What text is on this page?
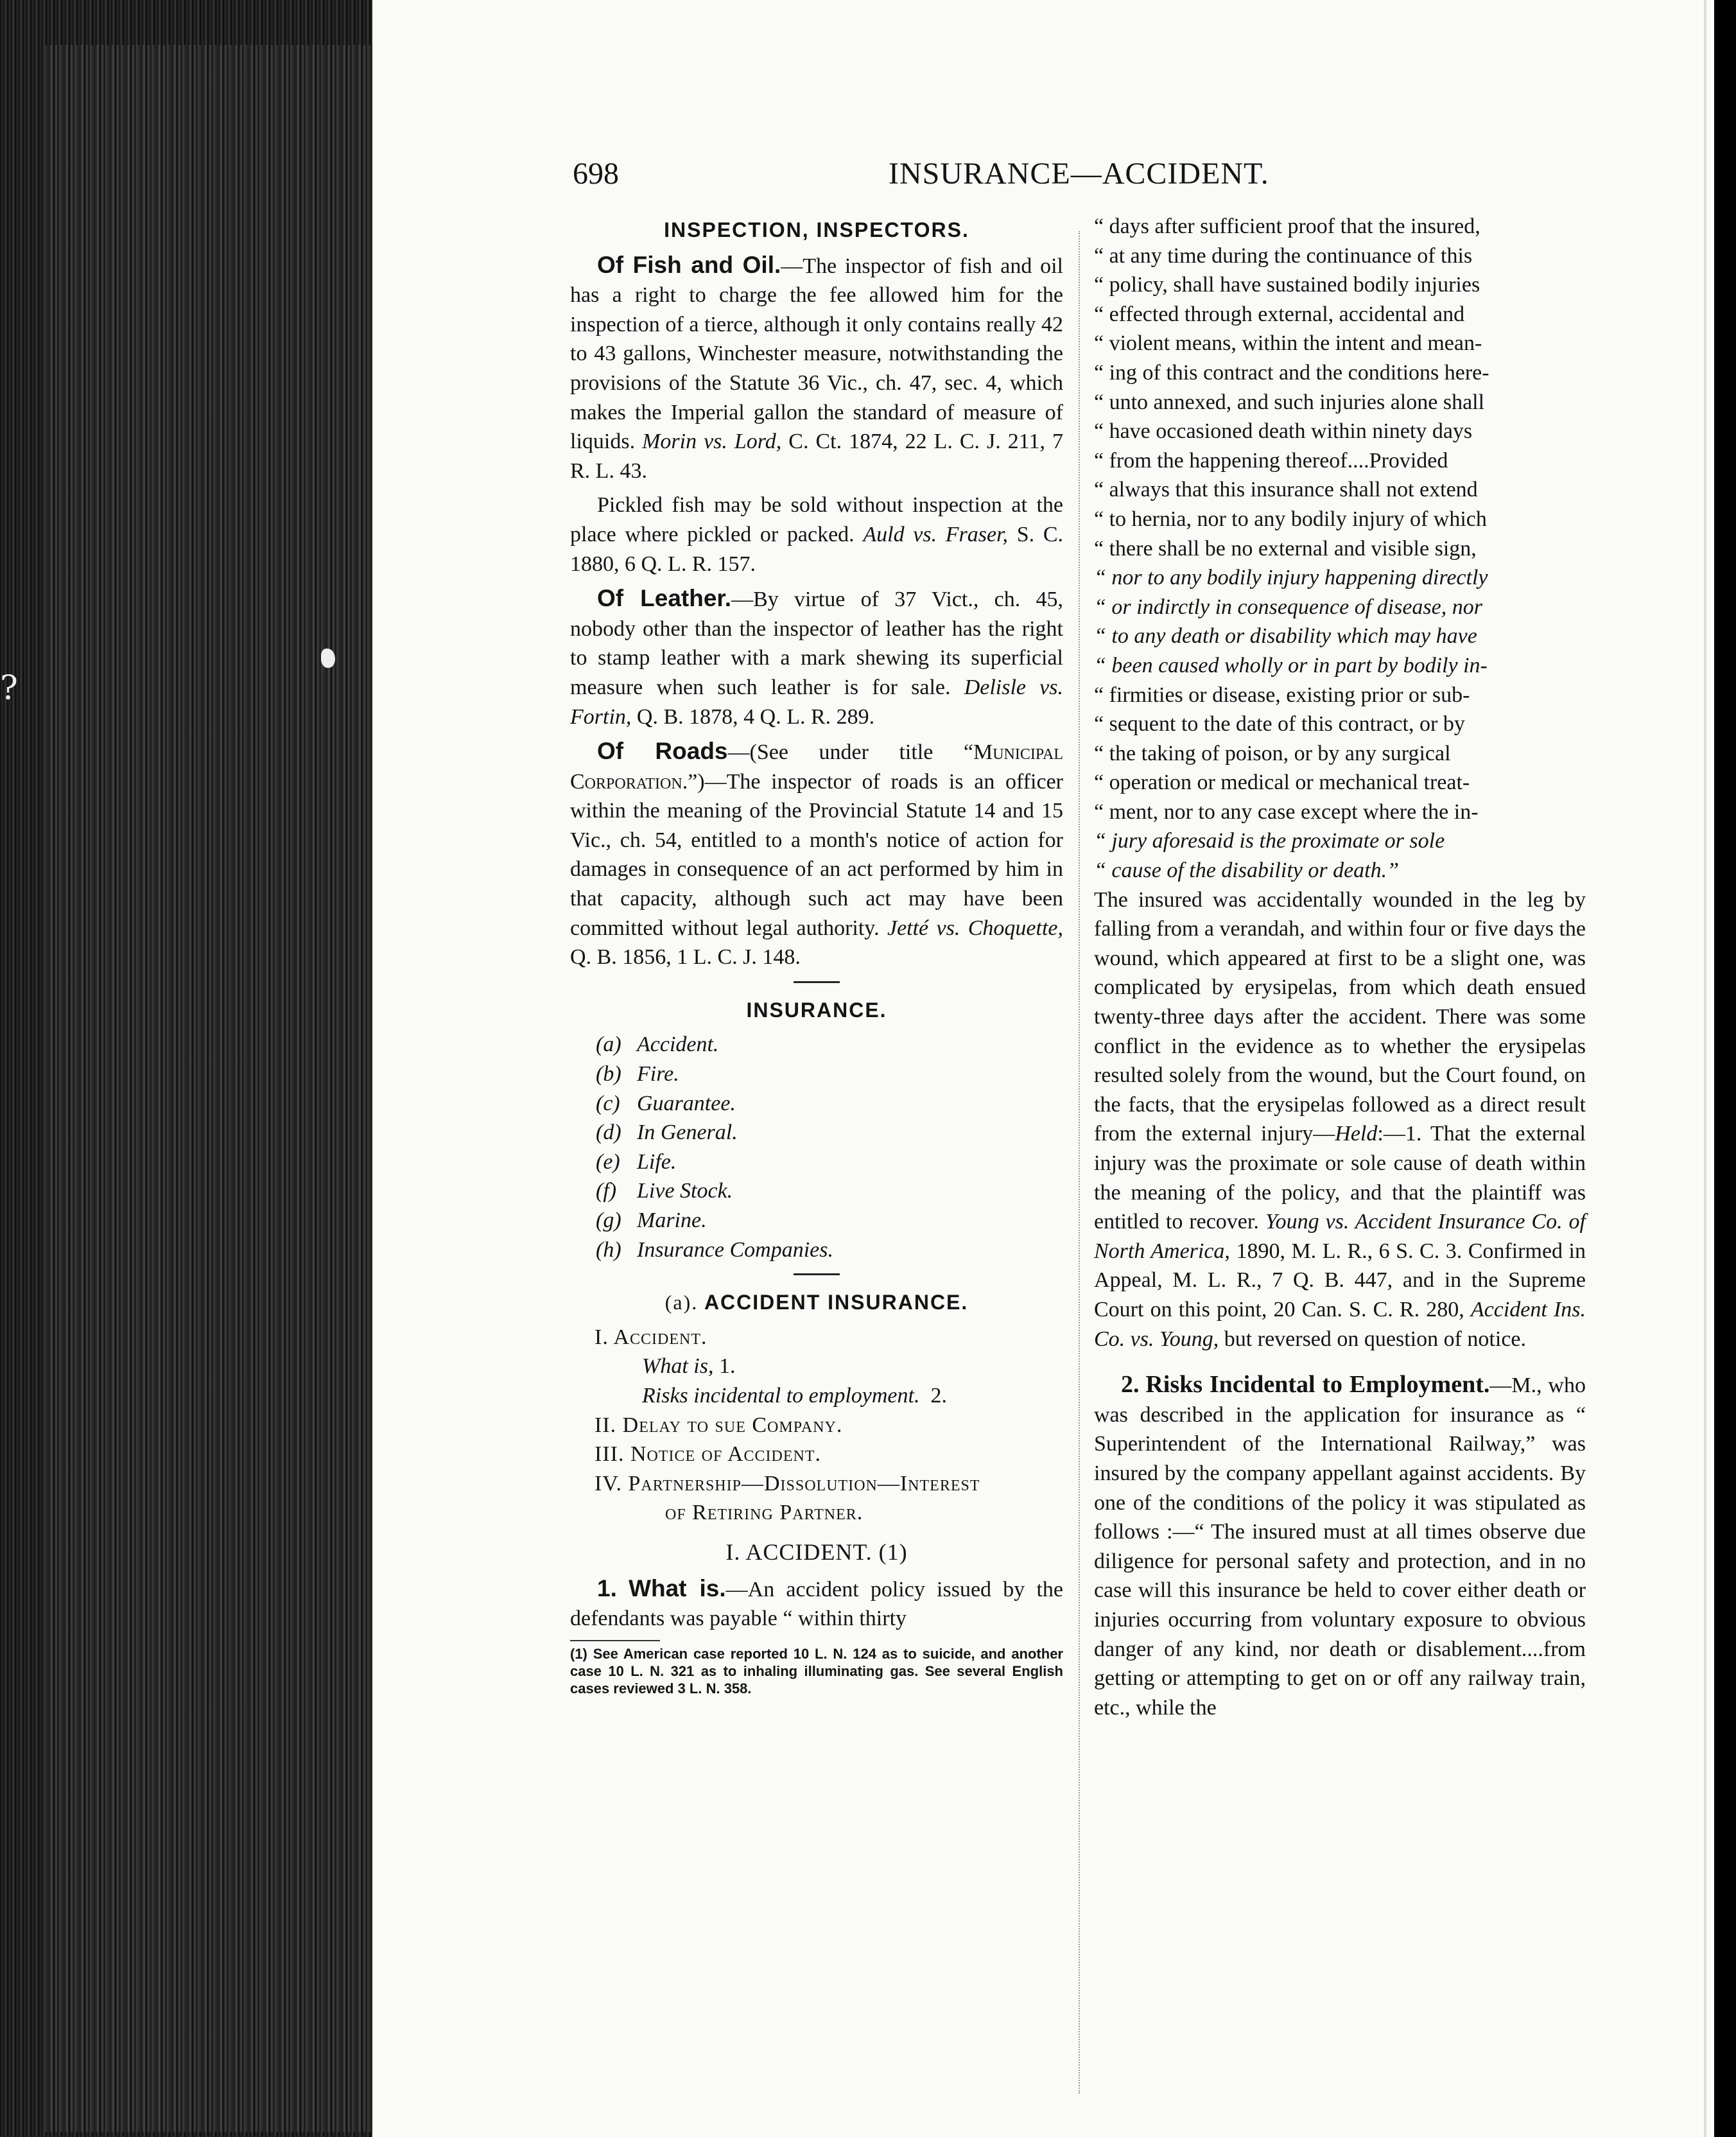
?
698	INSURANCE—ACCIDENT.
INSPECTION, INSPECTORS.

Of Fish and Oil.—The inspector of fish and oil has a right to charge the fee allowed him for the inspection of a tierce, although it only contains really 42 to 43 gallons, Winchester measure, notwithstanding the provisions of the Statute 36 Vic., ch. 47, sec. 4, which makes the Imperial gallon the standard of measure of liquids. Morin vs. Lord, C. Ct. 1874, 22 L. C. J. 211, 7 R. L. 43.

Pickled fish may be sold without inspection at the place where pickled or packed. Auld vs. Fraser, S. C. 1880, 6 Q. L. R. 157.

Of Leather.—By virtue of 37 Vict., ch. 45, nobody other than the inspector of leather has the right to stamp leather with a mark shewing its superficial measure when such leather is for sale. Delisle vs. Fortin, Q. B. 1878, 4 Q. L. R. 289.

Of Roads—(See under title “Municipal Corporation.”)—The inspector of roads is an officer within the meaning of the Provincial Statute 14 and 15 Vic., ch. 54, entitled to a month's notice of action for damages in consequence of an act performed by him in that capacity, although such act may have been committed without legal authority. Jetté vs. Choquette, Q. B. 1856, 1 L. C. J. 148.

INSURANCE.
(a) Accident.
(b) Fire.
(c) Guarantee.
(d) In General.
(e) Life.
(f) Live Stock.
(g) Marine.
(h) Insurance Companies.
(a). ACCIDENT INSURANCE.
I. Accident.
What is, 1.
Risks incidental to employment. 2.
II. Delay to sue Company.
III. Notice of Accident.
IV. Partnership—Dissolution—Interest
of Retiring Partner.
I. ACCIDENT. (1)

1. What is.—An accident policy issued by the defendants was payable “ within thirty

(1) See American case reported 10 L. N. 124 as to suicide, and another case 10 L. N. 321 as to inhaling illuminating gas. See several English cases reviewed 3 L. N. 358.

“ days after sufficient proof that the insured,
“ at any time during the continuance of this
“ policy, shall have sustained bodily injuries
“ effected through external, accidental and
“ violent means, within the intent and mean-
“ ing of this contract and the conditions here-
“ unto annexed, and such injuries alone shall
“ have occasioned death within ninety days
“ from the happening thereof....Provided
“ always that this insurance shall not extend
“ to hernia, nor to any bodily injury of which
“ there shall be no external and visible sign,
“ nor to any bodily injury happening directly
“ or indirctly in consequence of disease, nor
“ to any death or disability which may have
“ been caused wholly or in part by bodily in-
“ firmities or disease, existing prior or sub-
“ sequent to the date of this contract, or by
“ the taking of poison, or by any surgical
“ operation or medical or mechanical treat-
“ ment, nor to any case except where the in-
“ jury aforesaid is the proximate or sole
“ cause of the disability or death.”

The insured was accidentally wounded in the leg by falling from a verandah, and within four or five days the wound, which appeared at first to be a slight one, was complicated by erysipelas, from which death ensued twenty-three days after the accident. There was some conflict in the evidence as to whether the erysipelas resulted solely from the wound, but the Court found, on the facts, that the erysipelas followed as a direct result from the external injury—Held:—1. That the external injury was the proximate or sole cause of death within the meaning of the policy, and that the plaintiff was entitled to recover. Young vs. Accident Insurance Co. of North America, 1890, M. L. R., 6 S. C. 3. Confirmed in Appeal, M. L. R., 7 Q. B. 447, and in the Supreme Court on this point, 20 Can. S. C. R. 280, Accident Ins. Co. vs. Young, but reversed on question of notice.

2. Risks Incidental to Employment.—M., who was described in the application for insurance as “ Superintendent of the International Railway,” was insured by the company appellant against accidents. By one of the conditions of the policy it was stipulated as follows :—“ The insured must at all times observe due diligence for personal safety and protection, and in no case will this insurance be held to cover either death or injuries occurring from voluntary exposure to obvious danger of any kind, nor death or disablement....from getting or attempting to get on or off any railway train, etc., while the
